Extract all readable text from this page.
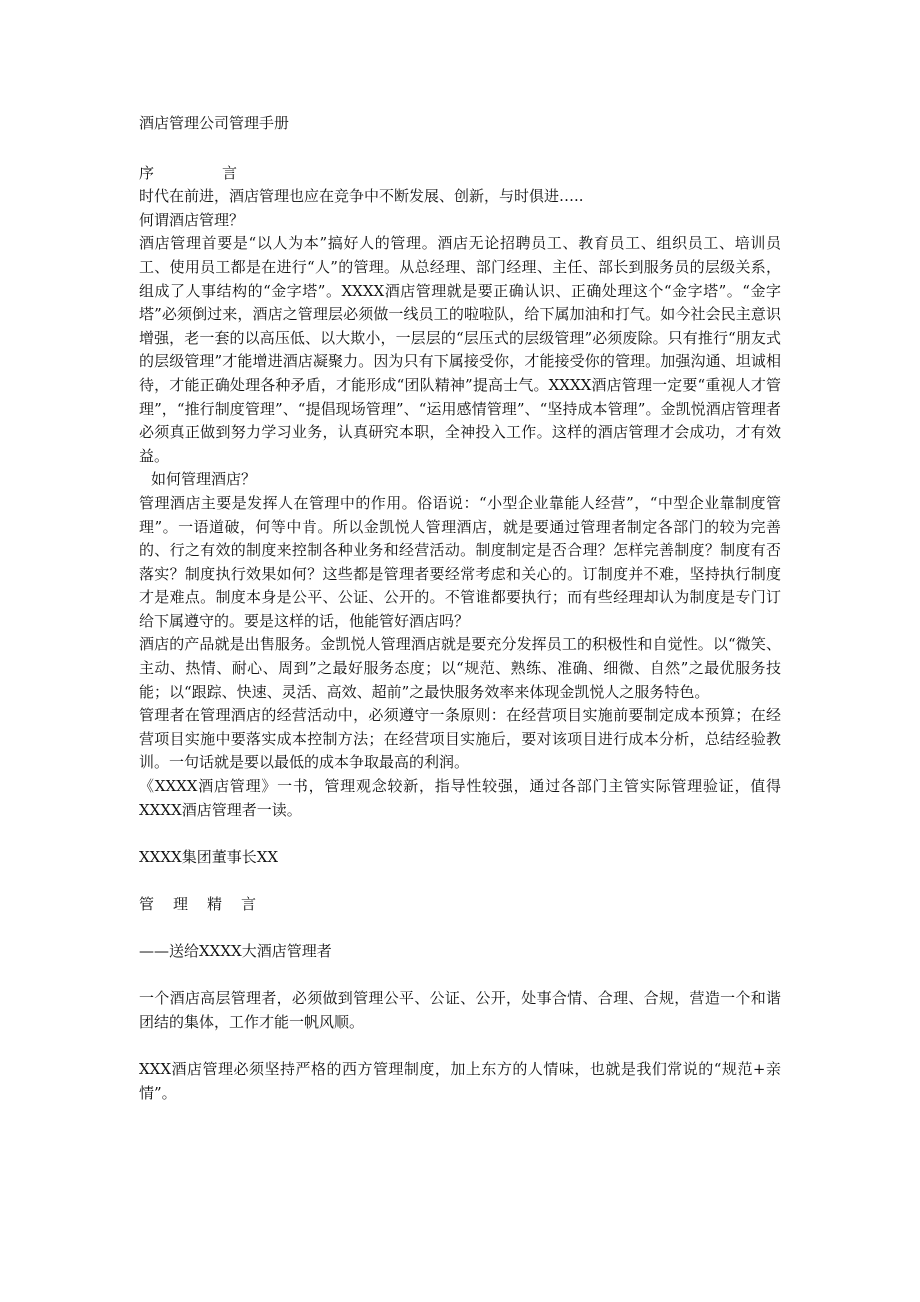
酒店管理公司管理手册

序	言

时代在前进，酒店管理也应在竞争中不断发展、创新，与时俱进…..

何谓酒店管理？

酒店管理首要是“以人为本”搞好人的管理。酒店无论招聘员工、教育员工、组织员工、培训员工、使用员工都是在进行“人”的管理。从总经理、部门经理、主任、部长到服务员的层级关系，组成了人事结构的“金字塔”。XXXX酒店管理就是要正确认识、正确处理这个“金字塔”。“金字塔”必须倒过来，酒店之管理层必须做一线员工的啦啦队，给下属加油和打气。如今社会民主意识增强，老一套的以高压低、以大欺小，一层层的“层压式的层级管理”必须废除。只有推行“朋友式的层级管理”才能增进酒店凝聚力。因为只有下属接受你，才能接受你的管理。加强沟通、坦诚相待，才能正确处理各种矛盾，才能形成“团队精神”提高士气。XXXX酒店管理一定要“重视人才管理”，“推行制度管理”、“提倡现场管理”、“运用感情管理”、“坚持成本管理”。金凯悦酒店管理者必须真正做到努力学习业务，认真研究本职，全神投入工作。这样的酒店管理才会成功，才有效益。

如何管理酒店？

管理酒店主要是发挥人在管理中的作用。俗语说：“小型企业靠能人经营”，“中型企业靠制度管理”。一语道破，何等中肯。所以金凯悦人管理酒店，就是要通过管理者制定各部门的较为完善的、行之有效的制度来控制各种业务和经营活动。制度制定是否合理？怎样完善制度？制度有否落实？制度执行效果如何？这些都是管理者要经常考虑和关心的。订制度并不难，坚持执行制度才是难点。制度本身是公平、公证、公开的。不管谁都要执行；而有些经理却认为制度是专门订给下属遵守的。要是这样的话，他能管好酒店吗？

酒店的产品就是出售服务。金凯悦人管理酒店就是要充分发挥员工的积极性和自觉性。以“微笑、主动、热情、耐心、周到”之最好服务态度；以“规范、熟练、准确、细微、自然”之最优服务技能；以“跟踪、快速、灵活、高效、超前”之最快服务效率来体现金凯悦人之服务特色。

管理者在管理酒店的经营活动中，必须遵守一条原则：在经营项目实施前要制定成本预算；在经营项目实施中要落实成本控制方法；在经营项目实施后，要对该项目进行成本分析，总结经验教训。一句话就是要以最低的成本争取最高的利润。

《XXXX酒店管理》一书，管理观念较新，指导性较强，通过各部门主管实际管理验证，值得XXXX酒店管理者一读。

XXXX集团董事长XX

管 理 精 言

——送给XXXX大酒店管理者

一个酒店高层管理者，必须做到管理公平、公证、公开，处事合情、合理、合规，营造一个和谐团结的集体，工作才能一帆风顺。

XXX酒店管理必须坚持严格的西方管理制度，加上东方的人情味，也就是我们常说的“规范+亲情”。
